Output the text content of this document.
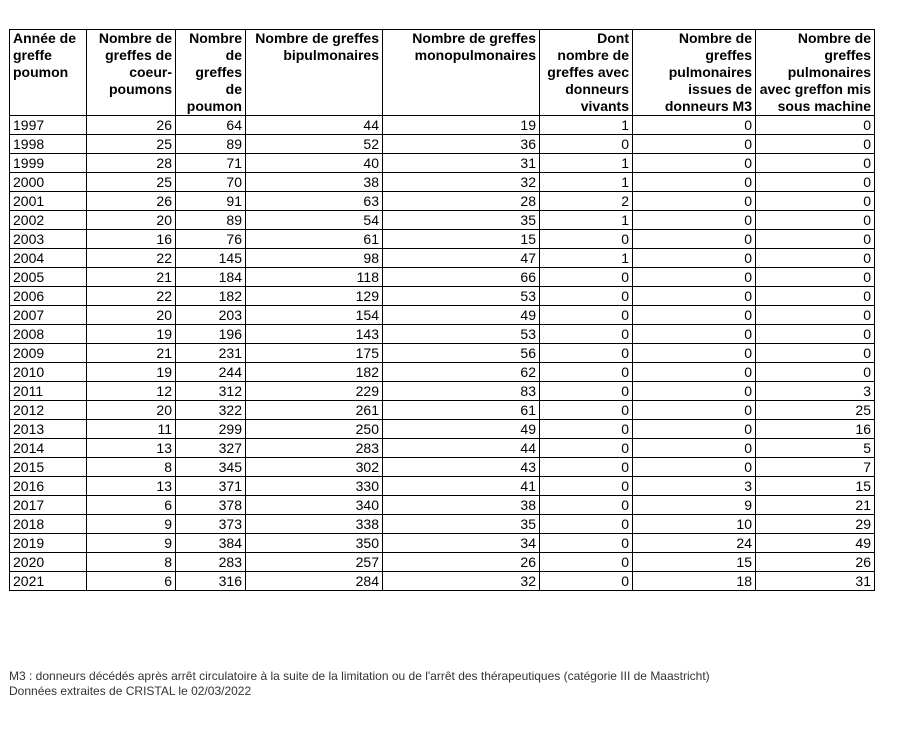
Année de greffe poumon	Nombre de greffes de coeur-poumons	Nombre de greffes de poumon	Nombre de greffes bipulmonaires	Nombre de greffes monopulmonaires	Dont nombre de greffes avec donneurs vivants	Nombre de greffes pulmonaires issues de donneurs M3	Nombre de greffes pulmonaires avec greffon mis sous machine
1997	26	64	44	19	1	0	0
1998	25	89	52	36	0	0	0
1999	28	71	40	31	1	0	0
2000	25	70	38	32	1	0	0
2001	26	91	63	28	2	0	0
2002	20	89	54	35	1	0	0
2003	16	76	61	15	0	0	0
2004	22	145	98	47	1	0	0
2005	21	184	118	66	0	0	0
2006	22	182	129	53	0	0	0
2007	20	203	154	49	0	0	0
2008	19	196	143	53	0	0	0
2009	21	231	175	56	0	0	0
2010	19	244	182	62	0	0	0
2011	12	312	229	83	0	0	3
2012	20	322	261	61	0	0	25
2013	11	299	250	49	0	0	16
2014	13	327	283	44	0	0	5
2015	8	345	302	43	0	0	7
2016	13	371	330	41	0	3	15
2017	6	378	340	38	0	9	21
2018	9	373	338	35	0	10	29
2019	9	384	350	34	0	24	49
2020	8	283	257	26	0	15	26
2021	6	316	284	32	0	18	31
M3 : donneurs décédés après arrêt circulatoire à la suite de la limitation ou de l'arrêt des thérapeutiques (catégorie III de Maastricht)
Données extraites de CRISTAL le 02/03/2022
